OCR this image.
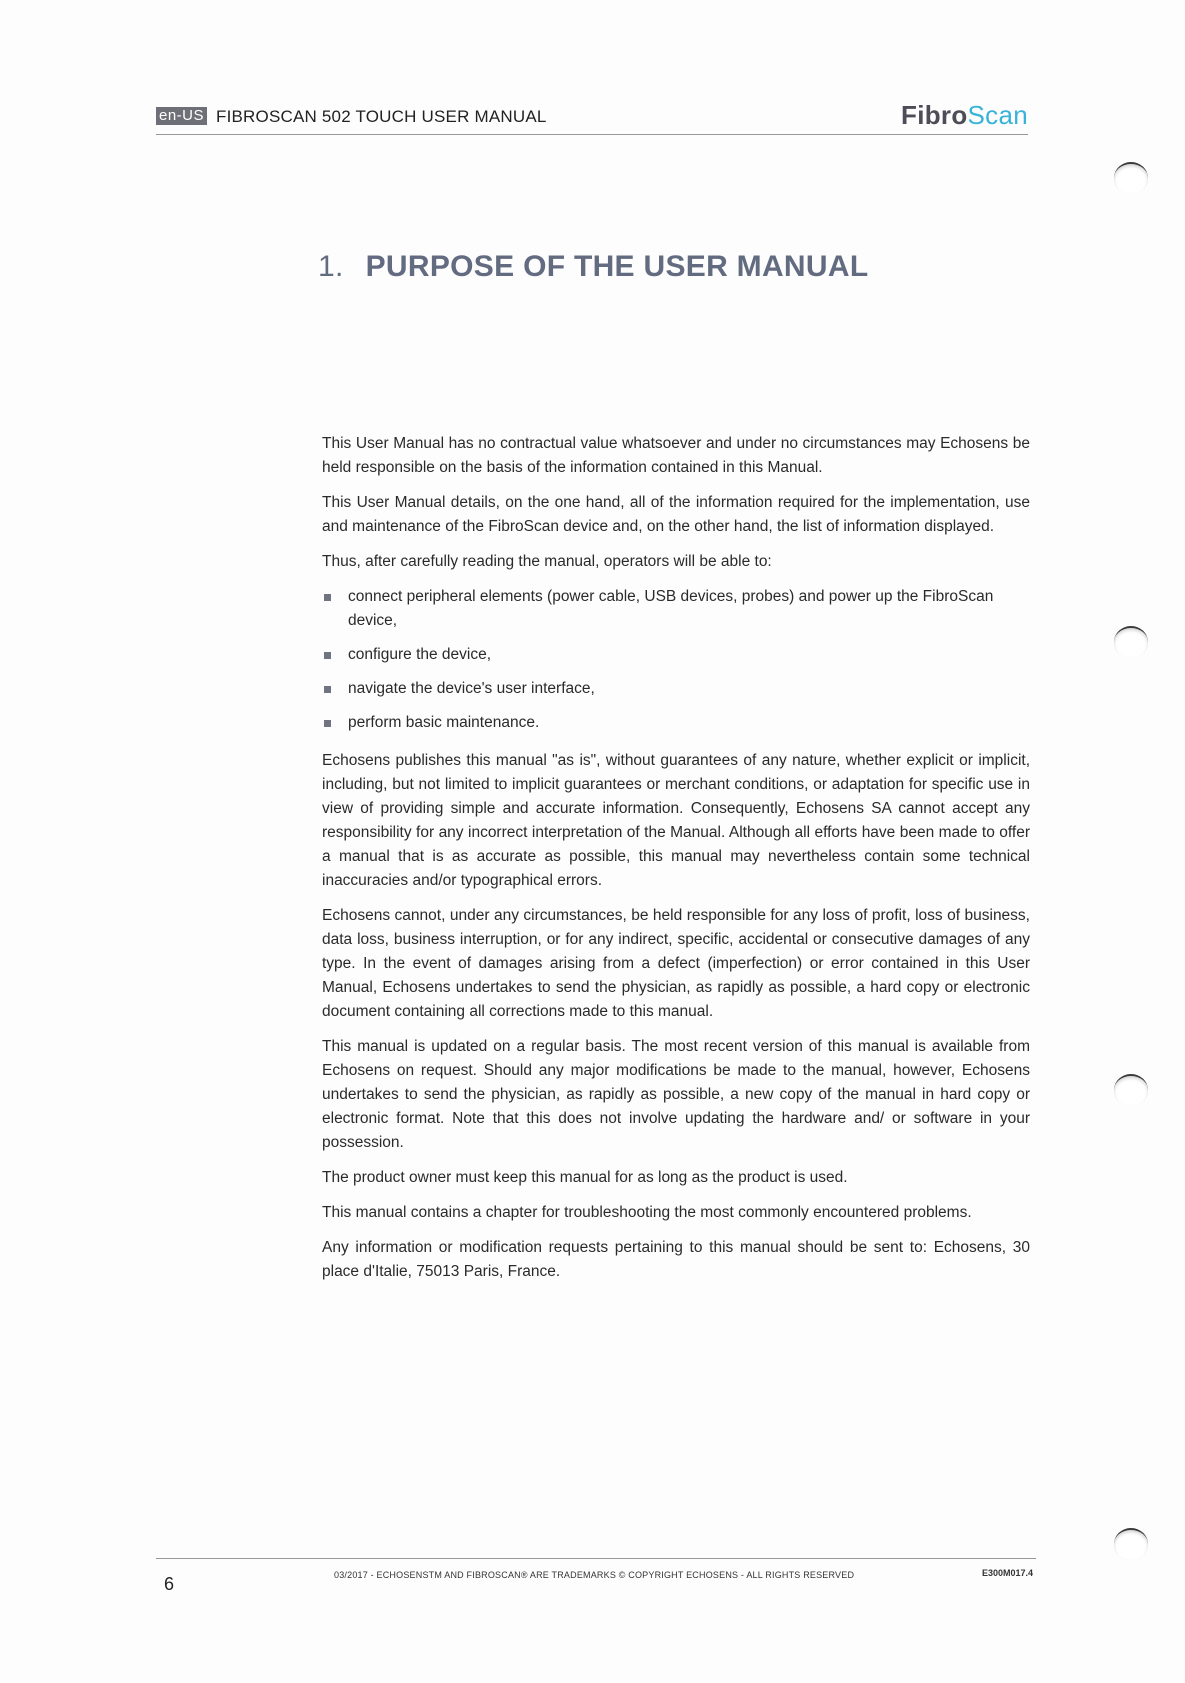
en-US FIBROSCAN 502 TOUCH USER MANUAL	FibroScan
1. PURPOSE OF THE USER MANUAL

This User Manual has no contractual value whatsoever and under no circumstances may Echosens be held responsible on the basis of the information contained in this Manual.

This User Manual details, on the one hand, all of the information required for the implementation, use and maintenance of the FibroScan device and, on the other hand, the list of information displayed.

Thus, after carefully reading the manual, operators will be able to:

connect peripheral elements (power cable, USB devices, probes) and power up the FibroScan device,
configure the device,
navigate the device's user interface,
perform basic maintenance.

Echosens publishes this manual "as is", without guarantees of any nature, whether explicit or implicit, including, but not limited to implicit guarantees or merchant conditions, or adaptation for specific use in view of providing simple and accurate information. Consequently, Echosens SA cannot accept any responsibility for any incorrect interpretation of the Manual. Although all efforts have been made to offer a manual that is as accurate as possible, this manual may nevertheless contain some technical inaccuracies and/or typographical errors.

Echosens cannot, under any circumstances, be held responsible for any loss of profit, loss of business, data loss, business interruption, or for any indirect, specific, accidental or consecutive damages of any type. In the event of damages arising from a defect (imperfection) or error contained in this User Manual, Echosens undertakes to send the physician, as rapidly as possible, a hard copy or electronic document containing all corrections made to this manual.

This manual is updated on a regular basis. The most recent version of this manual is available from Echosens on request. Should any major modifications be made to the manual, however, Echosens undertakes to send the physician, as rapidly as possible, a new copy of the manual in hard copy or electronic format. Note that this does not involve updating the hardware and/ or software in your possession.

The product owner must keep this manual for as long as the product is used.

This manual contains a chapter for troubleshooting the most commonly encountered problems.

Any information or modification requests pertaining to this manual should be sent to: Echosens, 30 place d'Italie, 75013 Paris, France.

6	03/2017 - ECHOSENSTM AND FIBROSCAN® ARE TRADEMARKS © COPYRIGHT ECHOSENS - ALL RIGHTS RESERVED	E300M017.4
